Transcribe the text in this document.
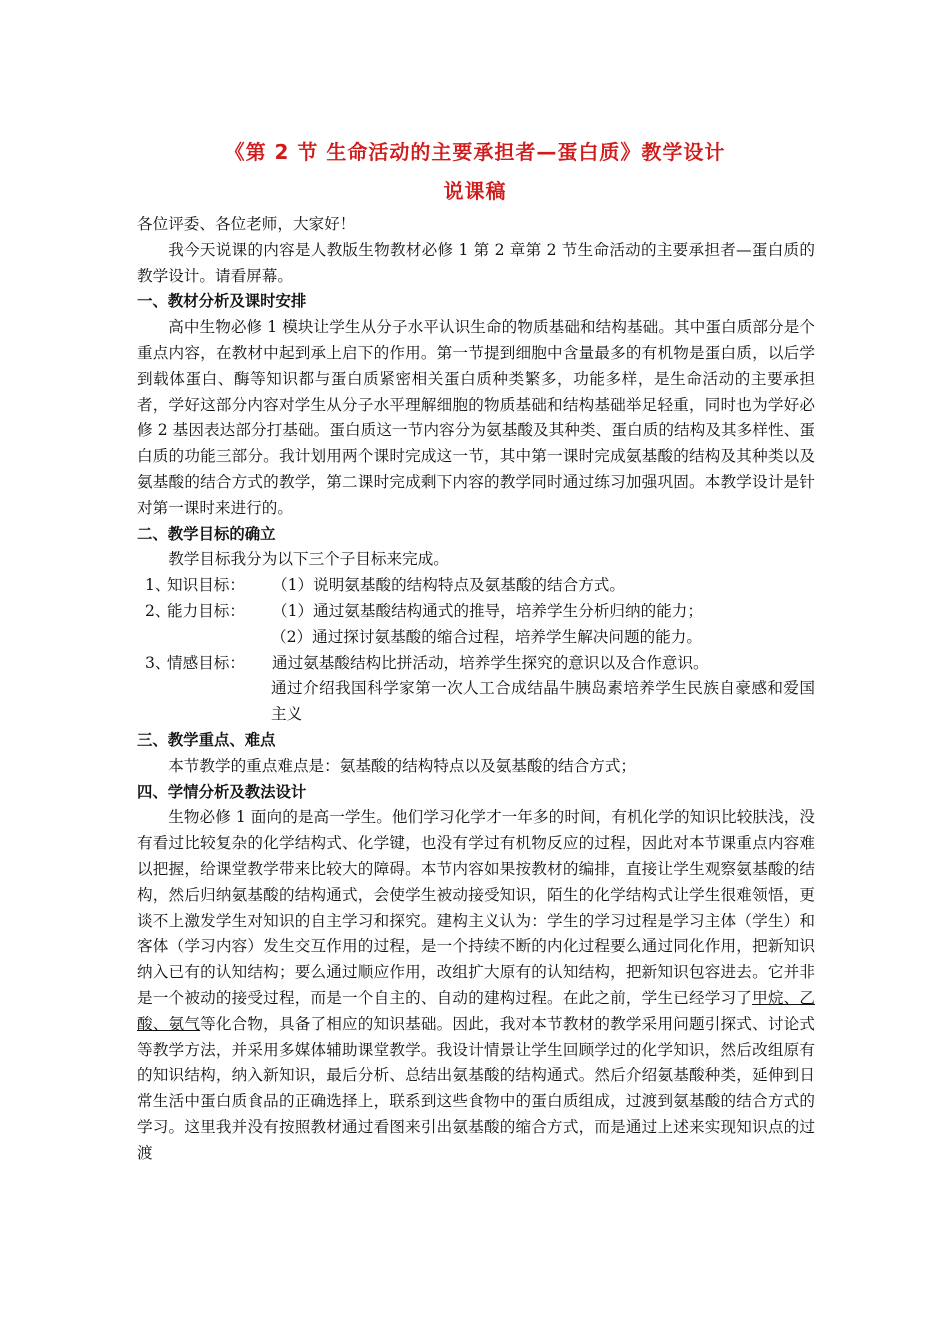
《第 2 节 生命活动的主要承担者—蛋白质》教学设计
说课稿

各位评委、各位老师，大家好！

我今天说课的内容是人教版生物教材必修 1 第 2 章第 2 节生命活动的主要承担者—蛋白质的教学设计。请看屏幕。

一、教材分析及课时安排

高中生物必修 1 模块让学生从分子水平认识生命的物质基础和结构基础。其中蛋白质部分是个重点内容，在教材中起到承上启下的作用。第一节提到细胞中含量最多的有机物是蛋白质，以后学到载体蛋白、酶等知识都与蛋白质紧密相关蛋白质种类繁多，功能多样，是生命活动的主要承担者，学好这部分内容对学生从分子水平理解细胞的物质基础和结构基础举足轻重，同时也为学好必修 2 基因表达部分打基础。蛋白质这一节内容分为氨基酸及其种类、蛋白质的结构及其多样性、蛋白质的功能三部分。我计划用两个课时完成这一节，其中第一课时完成氨基酸的结构及其种类以及氨基酸的结合方式的教学，第二课时完成剩下内容的教学同时通过练习加强巩固。本教学设计是针对第一课时来进行的。

二、教学目标的确立

教学目标我分为以下三个子目标来完成。

1、
知识目标：	（1）说明氨基酸的结构特点及氨基酸的结合方式。
2、
能力目标：	（1）通过氨基酸结构通式的推导，培养学生分析归纳的能力；

（2）通过探讨氨基酸的缩合过程，培养学生解决问题的能力。

3、
情感目标：	通过氨基酸结构比拼活动，培养学生探究的意识以及合作意识。

通过介绍我国科学家第一次人工合成结晶牛胰岛素培养学生民族自豪感和爱国主义

三、教学重点、难点

本节教学的重点难点是：氨基酸的结构特点以及氨基酸的结合方式；

四、学情分析及教法设计

生物必修 1 面向的是高一学生。他们学习化学才一年多的时间，有机化学的知识比较肤浅，没有看过比较复杂的化学结构式、化学键，也没有学过有机物反应的过程，因此对本节课重点内容难以把握，给课堂教学带来比较大的障碍。本节内容如果按教材的编排，直接让学生观察氨基酸的结构，然后归纳氨基酸的结构通式，会使学生被动接受知识，陌生的化学结构式让学生很难领悟，更谈不上激发学生对知识的自主学习和探究。建构主义认为：学生的学习过程是学习主体（学生）和客体（学习内容）发生交互作用的过程，是一个持续不断的内化过程要么通过同化作用，把新知识纳入已有的认知结构；要么通过顺应作用，改组扩大原有的认知结构，把新知识包容进去。它并非是一个被动的接受过程，而是一个自主的、自动的建构过程。在此之前，学生已经学习了甲烷、乙酸、氨气等化合物，具备了相应的知识基础。因此，我对本节教材的教学采用问题引探式、讨论式等教学方法，并采用多媒体辅助课堂教学。我设计情景让学生回顾学过的化学知识，然后改组原有的知识结构，纳入新知识，最后分析、总结出氨基酸的结构通式。然后介绍氨基酸种类，延伸到日常生活中蛋白质食品的正确选择上，联系到这些食物中的蛋白质组成，过渡到氨基酸的结合方式的学习。这里我并没有按照教材通过看图来引出氨基酸的缩合方式，而是通过上述来实现知识点的过渡
